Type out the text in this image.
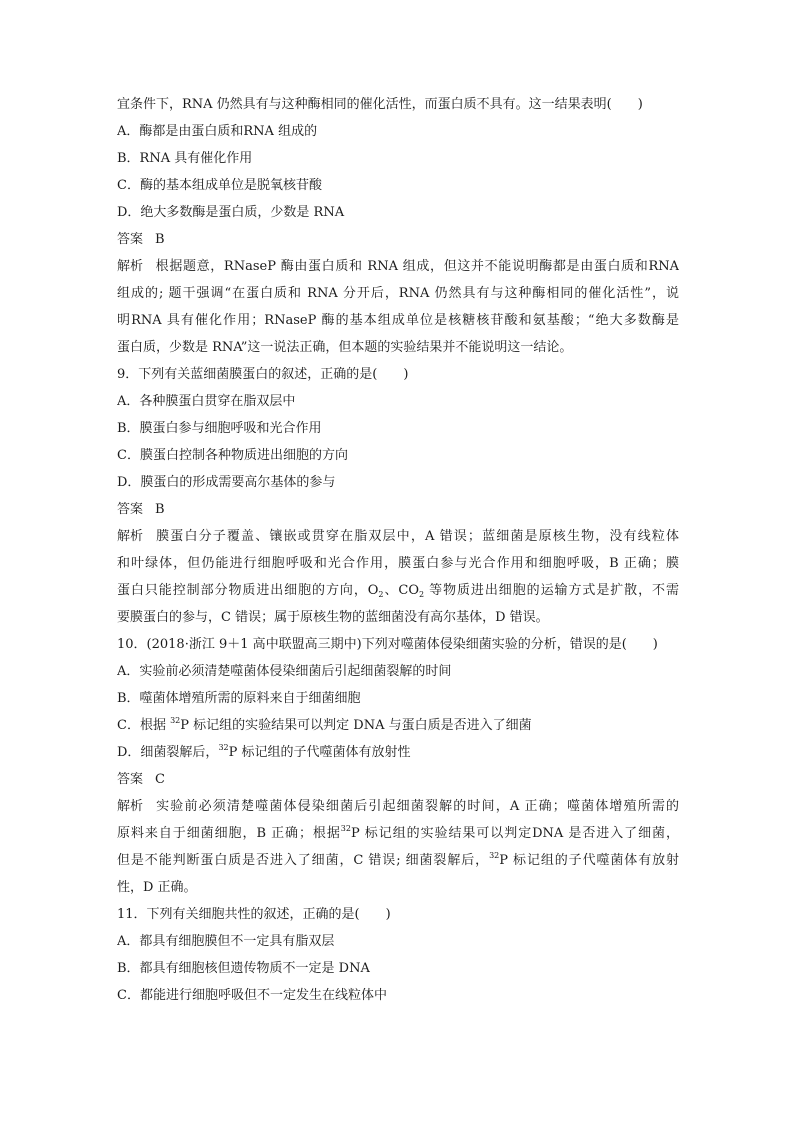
宜条件下，RNA 仍然具有与这种酶相同的催化活性，而蛋白质不具有。这一结果表明(　　)
A．酶都是由蛋白质和RNA 组成的
B．RNA 具有催化作用
C．酶的基本组成单位是脱氧核苷酸
D．绝大多数酶是蛋白质，少数是 RNA
答案 B
解析 根据题意，RNaseP 酶由蛋白质和 RNA 组成，但这并不能说明酶都是由蛋白质和RNA
组成的; 题干强调“在蛋白质和 RNA 分开后，RNA 仍然具有与这种酶相同的催化活性”，说
明RNA 具有催化作用；RNaseP 酶的基本组成单位是核糖核苷酸和氨基酸；“绝大多数酶是
蛋白质，少数是 RNA”这一说法正确，但本题的实验结果并不能说明这一结论。
9．下列有关蓝细菌膜蛋白的叙述，正确的是(　　)
A．各种膜蛋白贯穿在脂双层中
B．膜蛋白参与细胞呼吸和光合作用
C．膜蛋白控制各种物质进出细胞的方向
D．膜蛋白的形成需要高尔基体的参与
答案 B
解析 膜蛋白分子覆盖、镶嵌或贯穿在脂双层中，A 错误；蓝细菌是原核生物，没有线粒体
和叶绿体，但仍能进行细胞呼吸和光合作用，膜蛋白参与光合作用和细胞呼吸，B 正确；膜
蛋白只能控制部分物质进出细胞的方向，$O_2$、$CO_2$ 等物质进出细胞的运输方式是扩散，不需
要膜蛋白的参与，C 错误；属于原核生物的蓝细菌没有高尔基体，D 错误。
10．(2018·浙江 9＋1 高中联盟高三期中)下列对噬菌体侵染细菌实验的分析，错误的是(　　)
A．实验前必须清楚噬菌体侵染细菌后引起细菌裂解的时间
B．噬菌体增殖所需的原料来自于细菌细胞
C．根据 $^{32}$P 标记组的实验结果可以判定 DNA 与蛋白质是否进入了细菌
D．细菌裂解后，$^{32}$P 标记组的子代噬菌体有放射性
答案 C
解析 实验前必须清楚噬菌体侵染细菌后引起细菌裂解的时间，A 正确；噬菌体增殖所需的
原料来自于细菌细胞，B 正确；根据$^{32}$P 标记组的实验结果可以判定DNA 是否进入了细菌，
但是不能判断蛋白质是否进入了细菌，C 错误; 细菌裂解后，$^{32}$P 标记组的子代噬菌体有放射
性，D 正确。
11．下列有关细胞共性的叙述，正确的是(　　)
A．都具有细胞膜但不一定具有脂双层
B．都具有细胞核但遗传物质不一定是 DNA
C．都能进行细胞呼吸但不一定发生在线粒体中
